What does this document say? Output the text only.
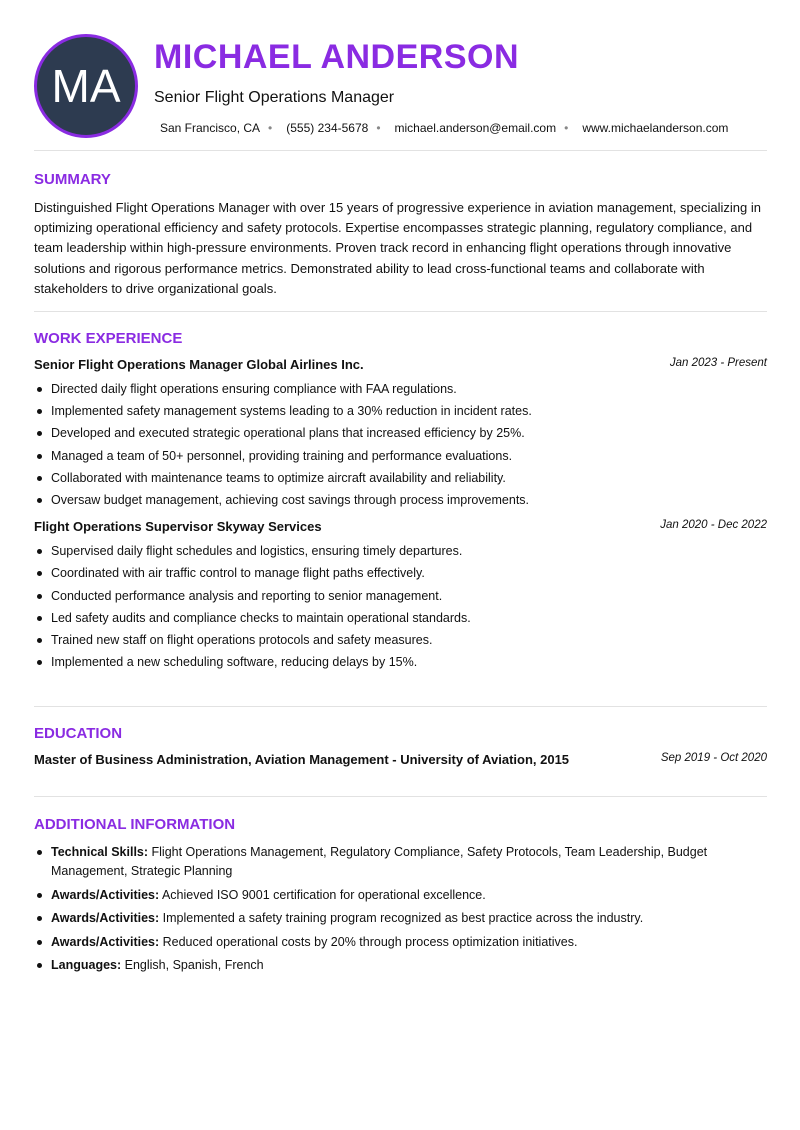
MA
MICHAEL ANDERSON
Senior Flight Operations Manager
San Francisco, CA • (555) 234-5678 • michael.anderson@email.com • www.michaelanderson.com
SUMMARY

Distinguished Flight Operations Manager with over 15 years of progressive experience in aviation management, specializing in optimizing operational efficiency and safety protocols. Expertise encompasses strategic planning, regulatory compliance, and team leadership within high-pressure environments. Proven track record in enhancing flight operations through innovative solutions and rigorous performance metrics. Demonstrated ability to lead cross-functional teams and collaborate with stakeholders to drive organizational goals.

WORK EXPERIENCE
Senior Flight Operations Manager Global Airlines Inc.	Jan 2023 - Present
Directed daily flight operations ensuring compliance with FAA regulations.
Implemented safety management systems leading to a 30% reduction in incident rates.
Developed and executed strategic operational plans that increased efficiency by 25%.
Managed a team of 50+ personnel, providing training and performance evaluations.
Collaborated with maintenance teams to optimize aircraft availability and reliability.
Oversaw budget management, achieving cost savings through process improvements.
Flight Operations Supervisor Skyway Services	Jan 2020 - Dec 2022
Supervised daily flight schedules and logistics, ensuring timely departures.
Coordinated with air traffic control to manage flight paths effectively.
Conducted performance analysis and reporting to senior management.
Led safety audits and compliance checks to maintain operational standards.
Trained new staff on flight operations protocols and safety measures.
Implemented a new scheduling software, reducing delays by 15%.
EDUCATION
Master of Business Administration, Aviation Management - University of Aviation, 2015	Sep 2019 - Oct 2020
ADDITIONAL INFORMATION
Technical Skills: Flight Operations Management, Regulatory Compliance, Safety Protocols, Team Leadership, Budget Management, Strategic Planning
Awards/Activities: Achieved ISO 9001 certification for operational excellence.
Awards/Activities: Implemented a safety training program recognized as best practice across the industry.
Awards/Activities: Reduced operational costs by 20% through process optimization initiatives.
Languages: English, Spanish, French
